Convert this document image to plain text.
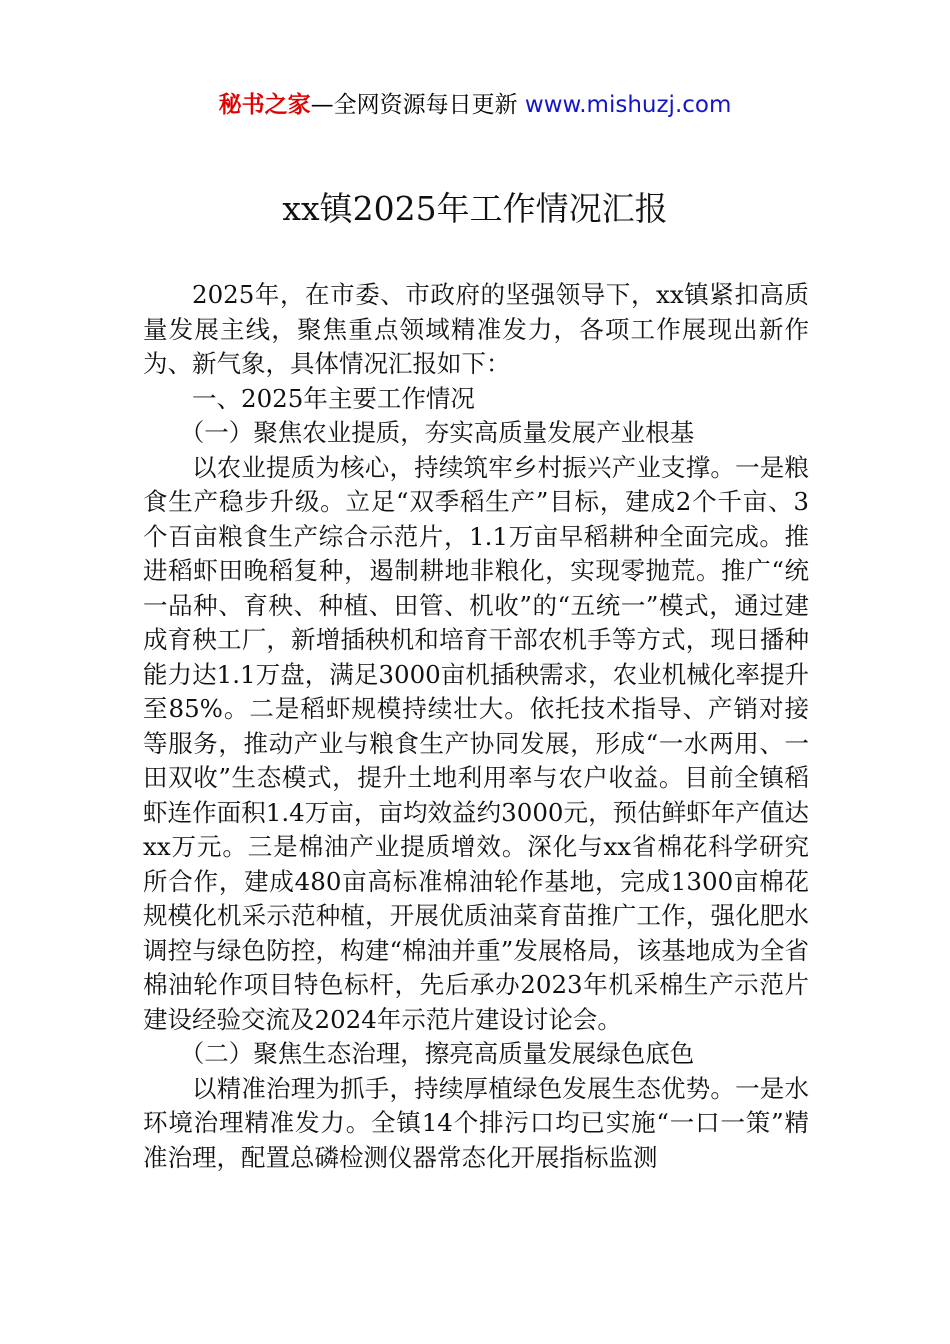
秘书之家—全网资源每日更新 www.mishuzj.com
xx镇2025年工作情况汇报

2025年，在市委、市政府的坚强领导下，xx镇紧扣高质量发展主线，聚焦重点领域精准发力，各项工作展现出新作为、新气象，具体情况汇报如下：

一、2025年主要工作情况

（一）聚焦农业提质，夯实高质量发展产业根基

以农业提质为核心，持续筑牢乡村振兴产业支撑。一是粮食生产稳步升级。立足“双季稻生产”目标，建成2个千亩、3个百亩粮食生产综合示范片，1.1万亩早稻耕种全面完成。推进稻虾田晚稻复种，遏制耕地非粮化，实现零抛荒。推广“统一品种、育秧、种植、田管、机收”的“五统一”模式，通过建成育秧工厂，新增插秧机和培育干部农机手等方式，现日播种能力达1.1万盘，满足3000亩机插秧需求，农业机械化率提升至85%。二是稻虾规模持续壮大。依托技术指导、产销对接等服务，推动产业与粮食生产协同发展，形成“一水两用、一田双收”生态模式，提升土地利用率与农户收益。目前全镇稻虾连作面积1.4万亩，亩均效益约3000元，预估鲜虾年产值达xx万元。三是棉油产业提质增效。深化与xx省棉花科学研究所合作，建成480亩高标准棉油轮作基地，完成1300亩棉花规模化机采示范种植，开展优质油菜育苗推广工作，强化肥水调控与绿色防控，构建“棉油并重”发展格局，该基地成为全省棉油轮作项目特色标杆，先后承办2023年机采棉生产示范片建设经验交流及2024年示范片建设讨论会。

（二）聚焦生态治理，擦亮高质量发展绿色底色

以精准治理为抓手，持续厚植绿色发展生态优势。一是水环境治理精准发力。全镇14个排污口均已实施“一口一策”精准治理，配置总磷检测仪器常态化开展指标监测
